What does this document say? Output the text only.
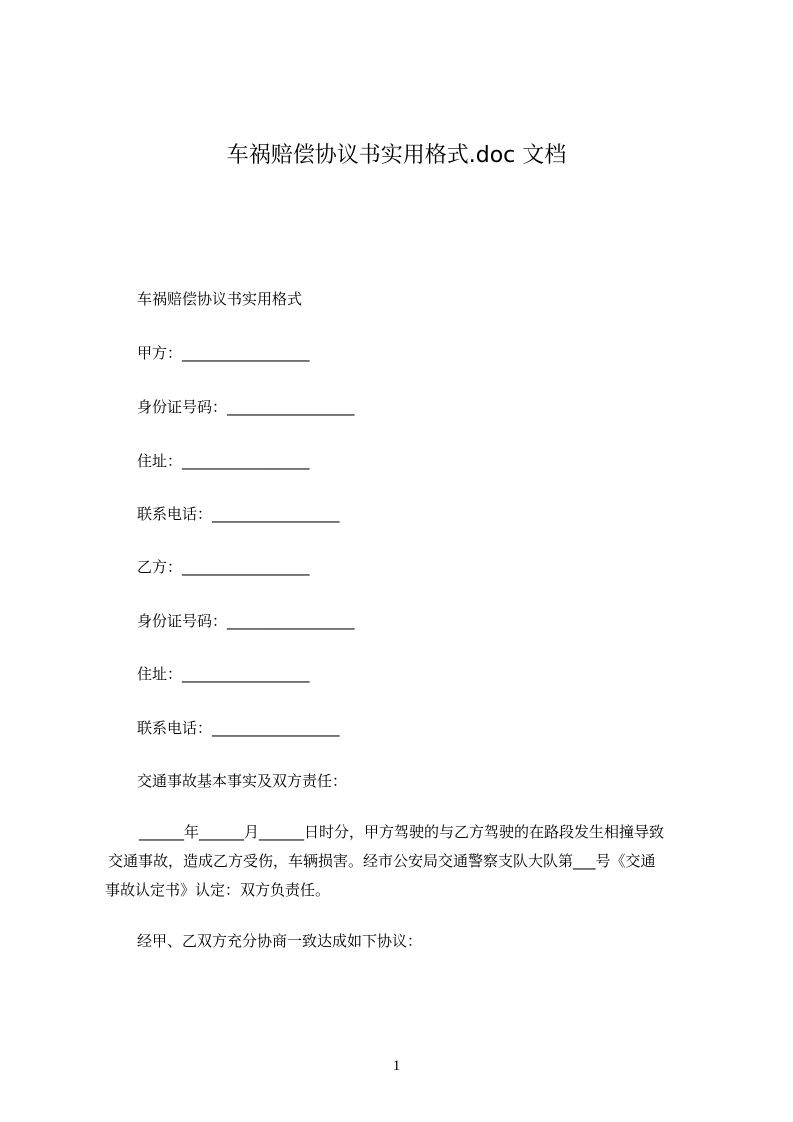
车祸赔偿协议书实用格式.doc 文档
车祸赔偿协议书实用格式
甲方：_________________
身份证号码：_________________
住址：_________________
联系电话：_________________
乙方：_________________
身份证号码：_________________
住址：_________________
联系电话：_________________
交通事故基本事实及双方责任：
______年______月______日时分，甲方驾驶的与乙方驾驶的在路段发生相撞导致
交通事故，造成乙方受伤，车辆损害。经市公安局交通警察支队大队第___号《交通
事故认定书》认定：双方负责任。
经甲、乙双方充分协商一致达成如下协议：
1
